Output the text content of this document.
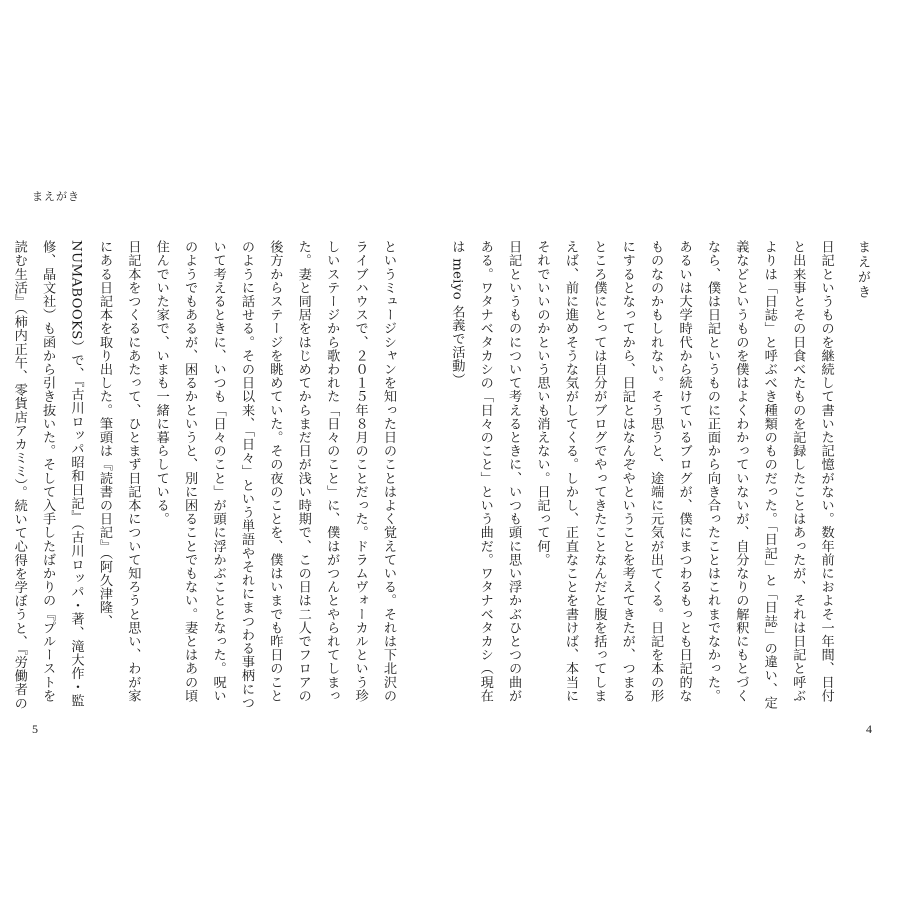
まえがき

というミュージシャンを知った日のことはよく覚えている。それは下北沢のライブハウスで、２０１５年８月のことだった。ドラムヴォーカルという珍しいステージから歌われた「日々のこと」に、僕はがつんとやられてしまった。妻と同居をはじめてからまだ日が浅い時期で、この日は二人でフロアの後方からステージを眺めていた。その夜のことを、僕はいまでも昨日のことのように話せる。その日以来、「日々」という単語やそれにまつわる事柄について考えるときに、いつも「日々のこと」が頭に浮かぶこととなった。呪いのようでもあるが、困るかというと、別に困ることでもない。妻とはあの頃住んでいた家で、いまも一緒に暮らしている。

日記本をつくるにあたって、ひとまず日記本について知ろうと思い、わが家にある日記本を取り出した。筆頭は『読書の日記』（阿久津隆、NUMABOOKS）で、『古川ロッパ昭和日記』（古川ロッパ・著、滝大作・監修、晶文社）も函から引き抜いた。そして入手したばかりの『プルーストを読む生活』（柿内正午、零貨店アカミミ）。続いて心得を学ぼうと、『労働者の

まえがき

日記というものを継続して書いた記憶がない。数年前におよそ一年間、日付と出来事とその日食べたものを記録したことはあったが、それは日記と呼ぶよりは「日誌」と呼ぶべき種類のものだった。「日記」と「日誌」の違い、定義などというものを僕はよくわかっていないが、自分なりの解釈にもとづくなら、僕は日記というものに正面から向き合ったことはこれまでなかった。

あるいは大学時代から続けているブログが、僕にまつわるもっとも日記的なものなのかもしれない。そう思うと、途端に元気が出てくる。日記を本の形にするとなってから、日記とはなんぞやということを考えてきたが、つまるところ僕にとっては自分がブログでやってきたことなんだと腹を括ってしまえば、前に進めそうな気がしてくる。しかし、正直なことを書けば、本当にそれでいいのかという思いも消えない。日記って何。

日記というものについて考えるときに、いつも頭に思い浮かぶひとつの曲がある。ワタナベタカシの「日々のこと」という曲だ。ワタナベタカシ（現在は meiyo 名義で活動）

5	4
